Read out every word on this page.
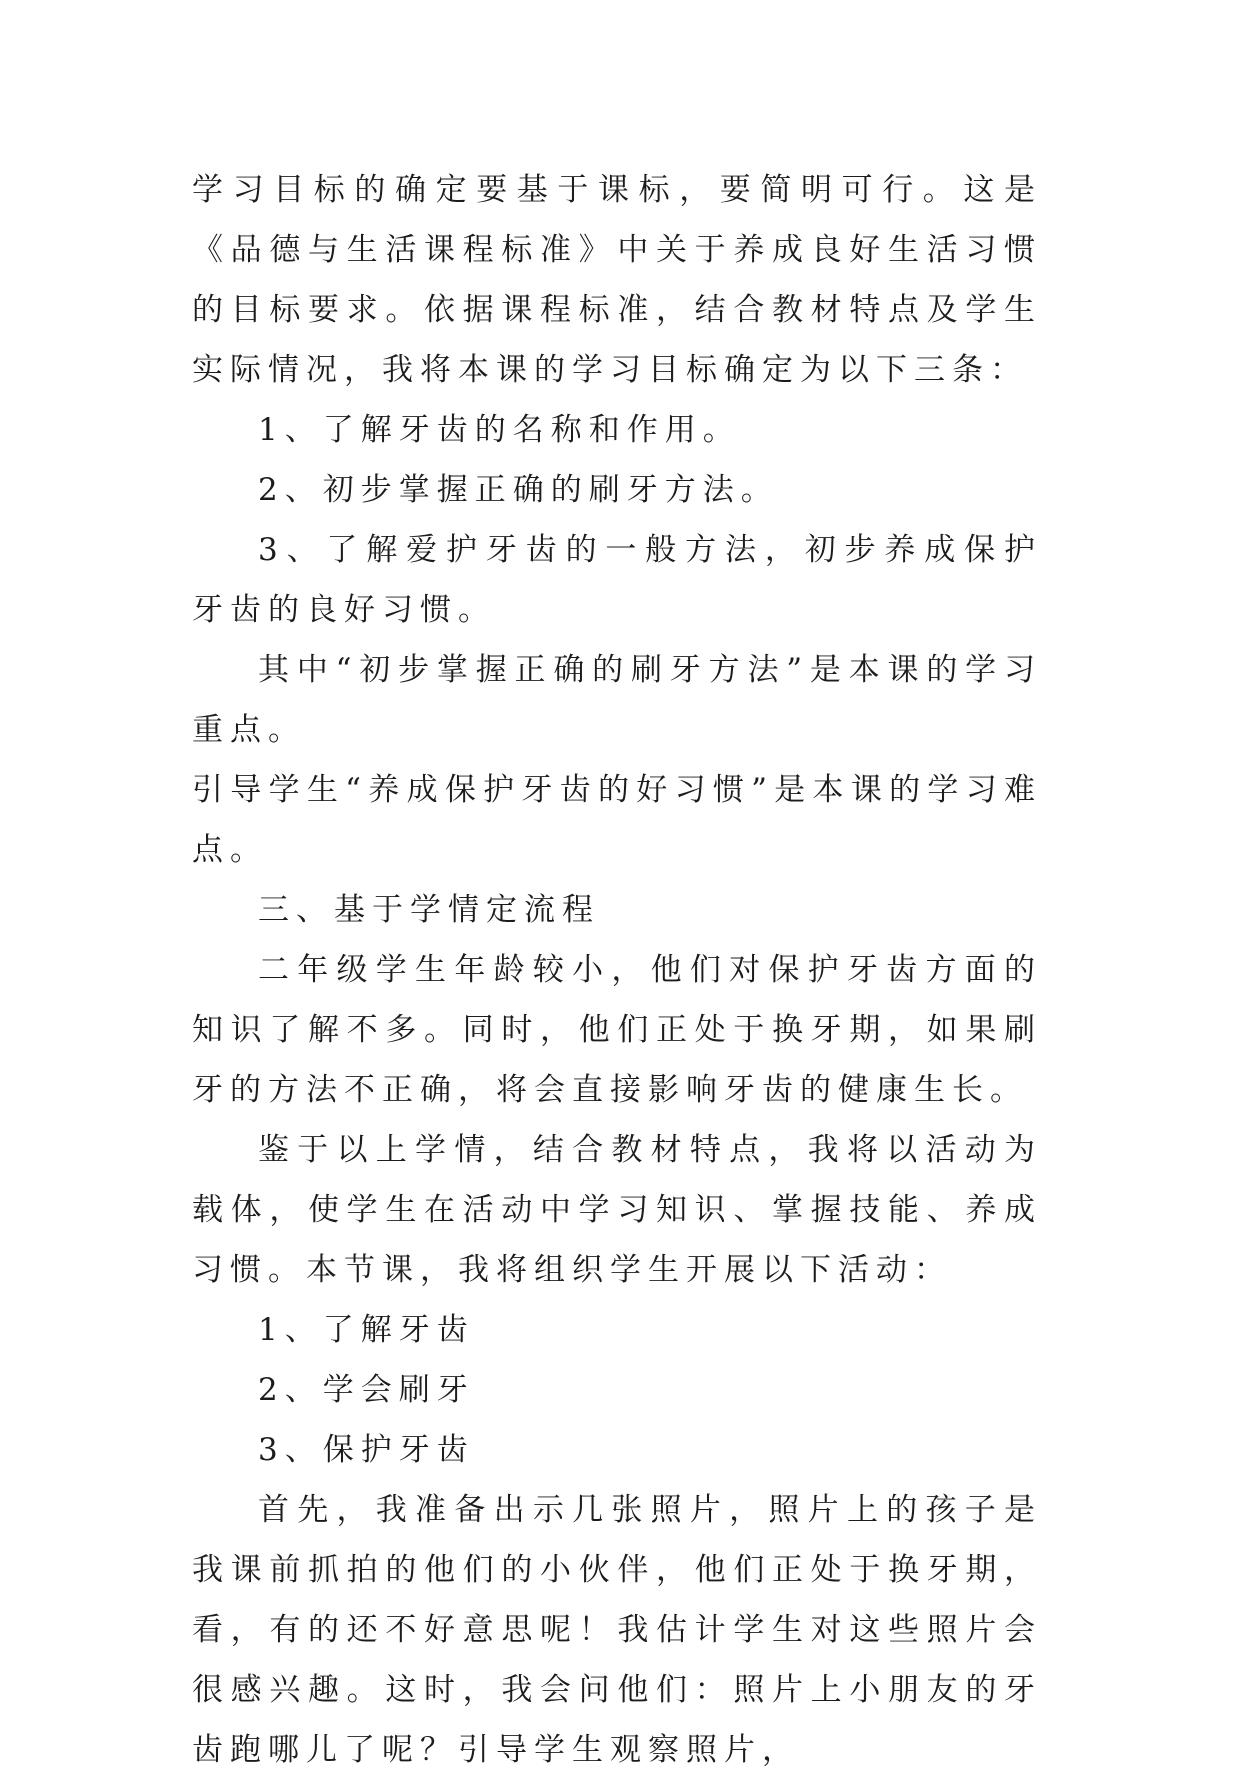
学习目标的确定要基于课标，要简明可行。这是《品德与生活课程标准》中关于养成良好生活习惯的目标要求。依据课程标准，结合教材特点及学生实际情况，我将本课的学习目标确定为以下三条：

1、了解牙齿的名称和作用。

2、初步掌握正确的刷牙方法。

3、了解爱护牙齿的一般方法，初步养成保护牙齿的良好习惯。

其中“初步掌握正确的刷牙方法”是本课的学习重点。

引导学生“养成保护牙齿的好习惯”是本课的学习难点。

三、基于学情定流程

二年级学生年龄较小，他们对保护牙齿方面的知识了解不多。同时，他们正处于换牙期，如果刷牙的方法不正确，将会直接影响牙齿的健康生长。

鉴于以上学情，结合教材特点，我将以活动为载体，使学生在活动中学习知识、掌握技能、养成习惯。本节课，我将组织学生开展以下活动：

1、了解牙齿

2、学会刷牙

3、保护牙齿

首先，我准备出示几张照片，照片上的孩子是我课前抓拍的他们的小伙伴，他们正处于换牙期，看，有的还不好意思呢！我估计学生对这些照片会很感兴趣。这时，我会问他们：照片上小朋友的牙齿跑哪儿了呢？引导学生观察照片，
